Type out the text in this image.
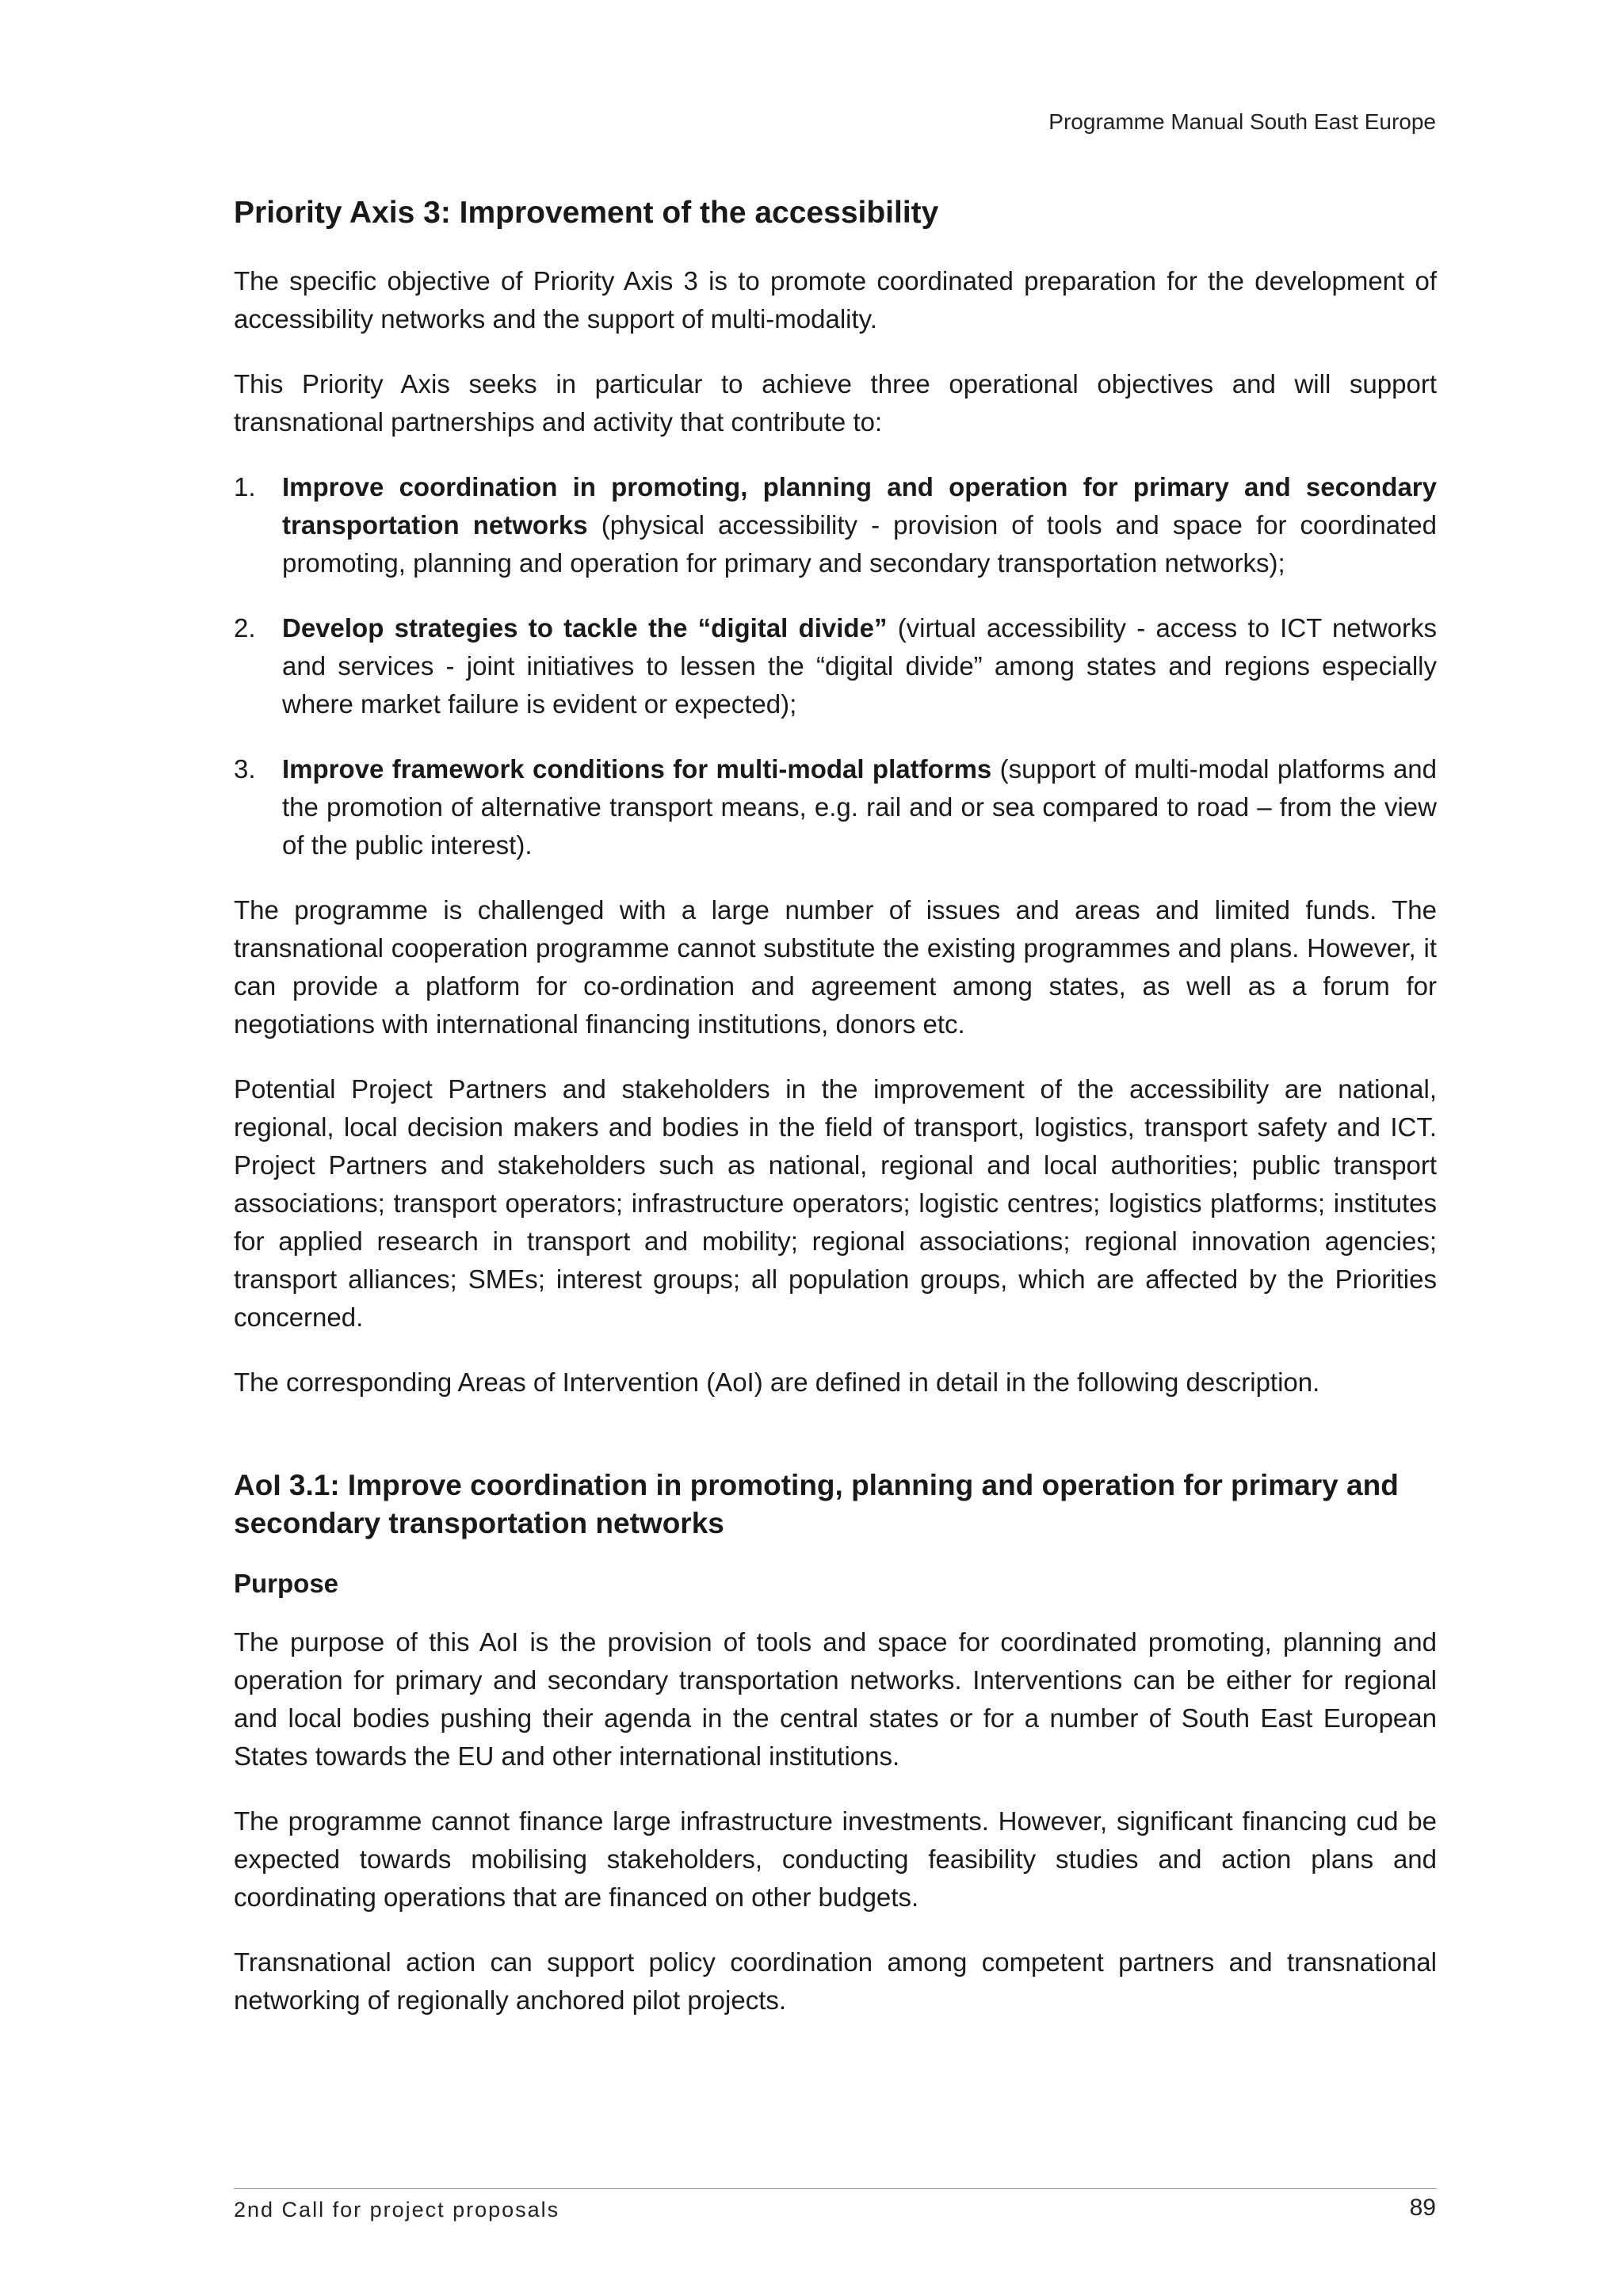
Programme Manual South East Europe
Priority Axis 3: Improvement of the accessibility

The specific objective of Priority Axis 3 is to promote coordinated preparation for the development of accessibility networks and the support of multi-modality.

This Priority Axis seeks in particular to achieve three operational objectives and will support transnational partnerships and activity that contribute to:

1. Improve coordination in promoting, planning and operation for primary and secondary transportation networks (physical accessibility - provision of tools and space for coordinated promoting, planning and operation for primary and secondary transportation networks);
2. Develop strategies to tackle the “digital divide” (virtual accessibility - access to ICT networks and services - joint initiatives to lessen the “digital divide” among states and regions especially where market failure is evident or expected);
3. Improve framework conditions for multi-modal platforms (support of multi-modal platforms and the promotion of alternative transport means, e.g. rail and or sea compared to road – from the view of the public interest).

The programme is challenged with a large number of issues and areas and limited funds. The transnational cooperation programme cannot substitute the existing programmes and plans. However, it can provide a platform for co-ordination and agreement among states, as well as a forum for negotiations with international financing institutions, donors etc.

Potential Project Partners and stakeholders in the improvement of the accessibility are national, regional, local decision makers and bodies in the field of transport, logistics, transport safety and ICT. Project Partners and stakeholders such as national, regional and local authorities; public transport associations; transport operators; infrastructure operators; logistic centres; logistics platforms; institutes for applied research in transport and mobility; regional associations; regional innovation agencies; transport alliances; SMEs; interest groups; all population groups, which are affected by the Priorities concerned.

The corresponding Areas of Intervention (AoI) are defined in detail in the following description.

AoI 3.1: Improve coordination in promoting, planning and operation for primary and secondary transportation networks
Purpose

The purpose of this AoI is the provision of tools and space for coordinated promoting, planning and operation for primary and secondary transportation networks. Interventions can be either for regional and local bodies pushing their agenda in the central states or for a number of South East European States towards the EU and other international institutions.

The programme cannot finance large infrastructure investments. However, significant financing cud be expected towards mobilising stakeholders, conducting feasibility studies and action plans and coordinating operations that are financed on other budgets.

Transnational action can support policy coordination among competent partners and transnational networking of regionally anchored pilot projects.

2nd Call for project proposals	89
